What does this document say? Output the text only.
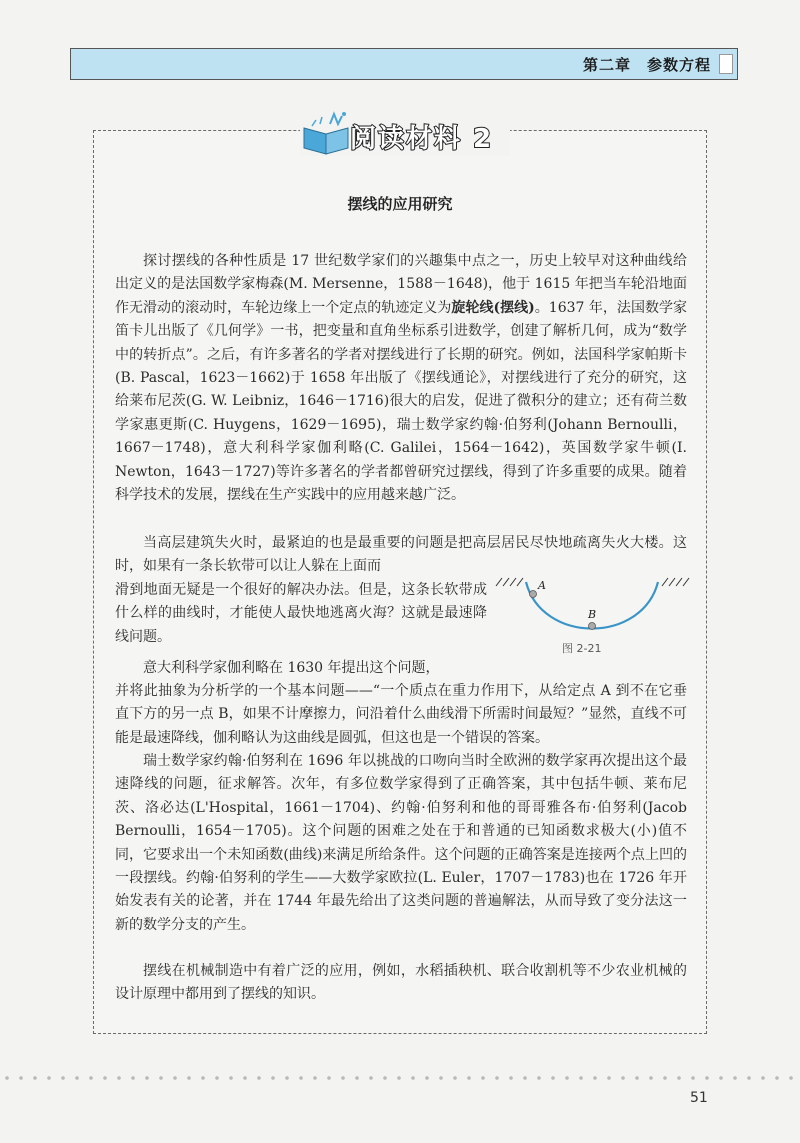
第二章　参数方程
阅读材料 2
摆线的应用研究

探讨摆线的各种性质是 17 世纪数学家们的兴趣集中点之一，历史上较早对这种曲线给出定义的是法国数学家梅森(M. Mersenne，1588－1648)，他于 1615 年把当车轮沿地面作无滑动的滚动时，车轮边缘上一个定点的轨迹定义为旋轮线(摆线)。1637 年，法国数学家笛卡儿出版了《几何学》一书，把变量和直角坐标系引进数学，创建了解析几何，成为“数学中的转折点”。之后，有许多著名的学者对摆线进行了长期的研究。例如，法国科学家帕斯卡(B. Pascal，1623－1662)于 1658 年出版了《摆线通论》，对摆线进行了充分的研究，这给莱布尼茨(G. W. Leibniz，1646－1716)很大的启发，促进了微积分的建立；还有荷兰数学家惠更斯(C. Huygens，1629－1695)，瑞士数学家约翰·伯努利(Johann Bernoulli，1667－1748)，意大利科学家伽利略(C. Galilei，1564－1642)，英国数学家牛顿(I. Newton，1643－1727)等许多著名的学者都曾研究过摆线，得到了许多重要的成果。随着科学技术的发展，摆线在生产实践中的应用越来越广泛。

当高层建筑失火时，最紧迫的也是最重要的问题是把高层居民尽快地疏离失火大楼。这时，如果有一条长软带可以让人躲在上面而

滑到地面无疑是一个很好的解决办法。但是，这条长软带成什么样的曲线时，才能使人最快地逃离火海？这就是最速降线问题。

A
B
图 2-21

意大利科学家伽利略在 1630 年提出这个问题，

并将此抽象为分析学的一个基本问题——“一个质点在重力作用下，从给定点 A 到不在它垂直下方的另一点 B，如果不计摩擦力，问沿着什么曲线滑下所需时间最短？”显然，直线不可能是最速降线，伽利略认为这曲线是圆弧，但这也是一个错误的答案。

瑞士数学家约翰·伯努利在 1696 年以挑战的口吻向当时全欧洲的数学家再次提出这个最速降线的问题，征求解答。次年，有多位数学家得到了正确答案，其中包括牛顿、莱布尼茨、洛必达(L'Hospital，1661－1704)、约翰·伯努利和他的哥哥雅各布·伯努利(Jacob Bernoulli，1654－1705)。这个问题的困难之处在于和普通的已知函数求极大(小)值不同，它要求出一个未知函数(曲线)来满足所给条件。这个问题的正确答案是连接两个点上凹的一段摆线。约翰·伯努利的学生——大数学家欧拉(L. Euler，1707－1783)也在 1726 年开始发表有关的论著，并在 1744 年最先给出了这类问题的普遍解法，从而导致了变分法这一新的数学分支的产生。

摆线在机械制造中有着广泛的应用，例如，水稻插秧机、联合收割机等不少农业机械的设计原理中都用到了摆线的知识。

51
